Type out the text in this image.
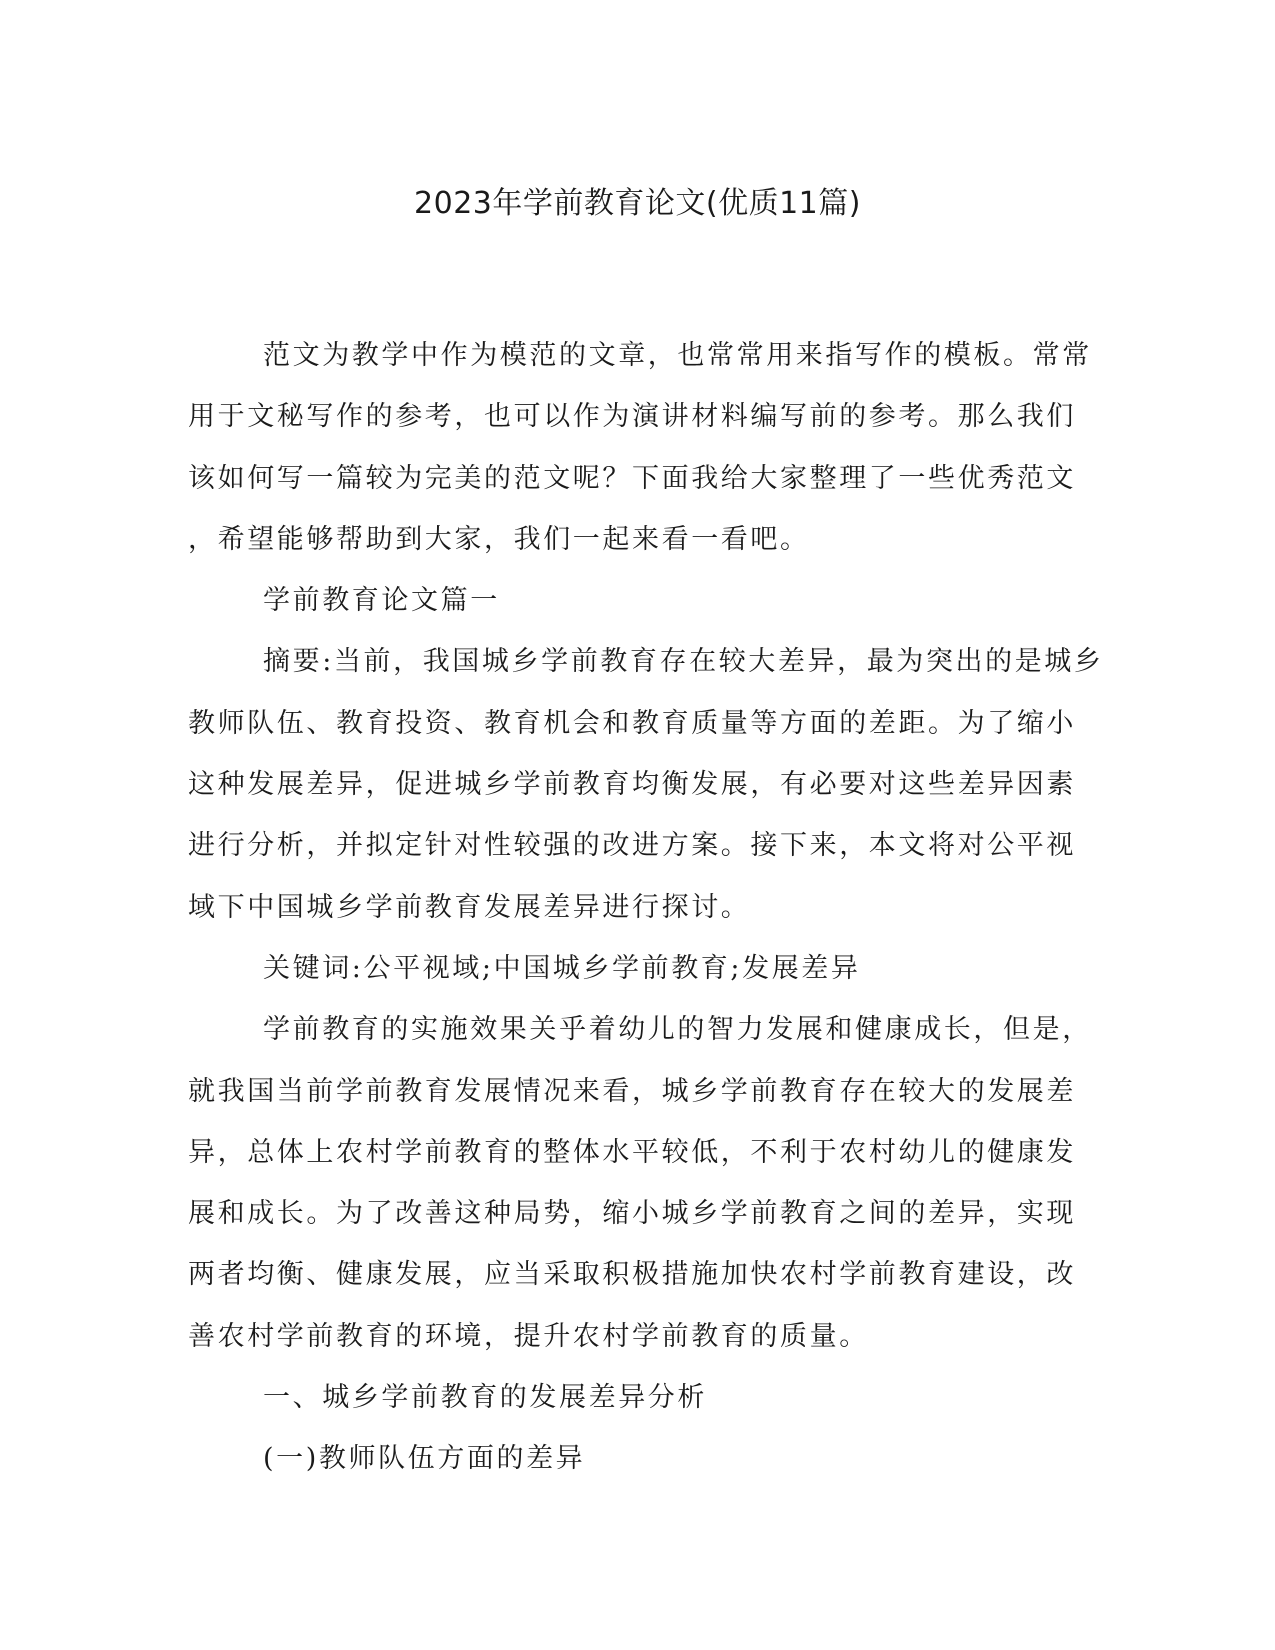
2023年学前教育论文(优质11篇)

范文为教学中作为模范的文章，也常常用来指写作的模板。常常
用于文秘写作的参考，也可以作为演讲材料编写前的参考。那么我们
该如何写一篇较为完美的范文呢？下面我给大家整理了一些优秀范文
，希望能够帮助到大家，我们一起来看一看吧。

学前教育论文篇一

摘要:当前，我国城乡学前教育存在较大差异，最为突出的是城乡
教师队伍、教育投资、教育机会和教育质量等方面的差距。为了缩小
这种发展差异，促进城乡学前教育均衡发展，有必要对这些差异因素
进行分析，并拟定针对性较强的改进方案。接下来，本文将对公平视
域下中国城乡学前教育发展差异进行探讨。

关键词:公平视域;中国城乡学前教育;发展差异

学前教育的实施效果关乎着幼儿的智力发展和健康成长，但是，
就我国当前学前教育发展情况来看，城乡学前教育存在较大的发展差
异，总体上农村学前教育的整体水平较低，不利于农村幼儿的健康发
展和成长。为了改善这种局势，缩小城乡学前教育之间的差异，实现
两者均衡、健康发展，应当采取积极措施加快农村学前教育建设，改
善农村学前教育的环境，提升农村学前教育的质量。

一、城乡学前教育的发展差异分析

(一)教师队伍方面的差异
